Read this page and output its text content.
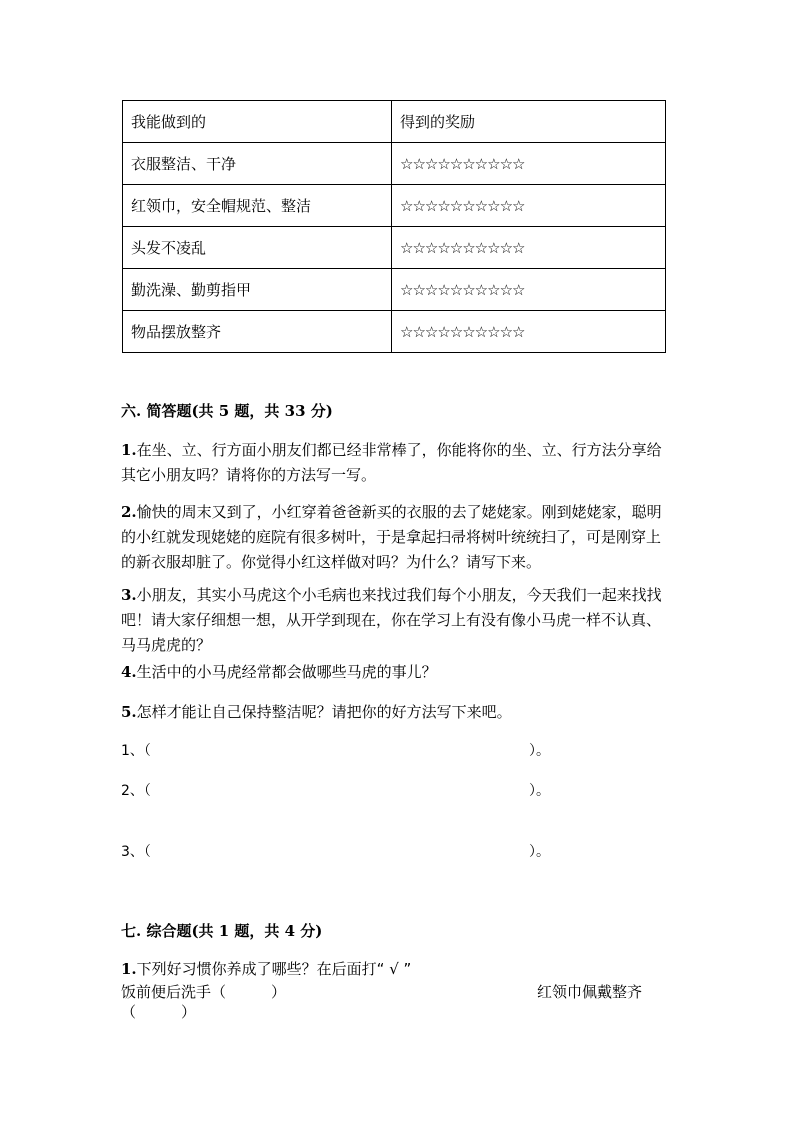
我能做到的	得到的奖励
衣服整洁、干净	☆☆☆☆☆☆☆☆☆☆
红领巾，安全帽规范、整洁	☆☆☆☆☆☆☆☆☆☆
头发不凌乱	☆☆☆☆☆☆☆☆☆☆
勤洗澡、勤剪指甲	☆☆☆☆☆☆☆☆☆☆
物品摆放整齐	☆☆☆☆☆☆☆☆☆☆
六. 简答题(共 5 题，共 33 分)
1.在坐、立、行方面小朋友们都已经非常棒了，你能将你的坐、立、行方法分享给其它小朋友吗？请将你的方法写一写。
2.愉快的周末又到了，小红穿着爸爸新买的衣服的去了姥姥家。刚到姥姥家，聪明的小红就发现姥姥的庭院有很多树叶，于是拿起扫帚将树叶统统扫了，可是刚穿上的新衣服却脏了。你觉得小红这样做对吗？为什么？请写下来。
3.小朋友，其实小马虎这个小毛病也来找过我们每个小朋友，今天我们一起来找找吧！请大家仔细想一想，从开学到现在，你在学习上有没有像小马虎一样不认真、马马虎虎的？
4.生活中的小马虎经常都会做哪些马虎的事儿？
5.怎样才能让自己保持整洁呢？请把你的好方法写下来吧。
1、（	）。
2、（	）。
3、（	）。
七. 综合题(共 1 题，共 4 分)
1.下列好习惯你养成了哪些？在后面打“ √ ”
饭前便后洗手（　　　）	红领巾佩戴整齐
（　　　）
